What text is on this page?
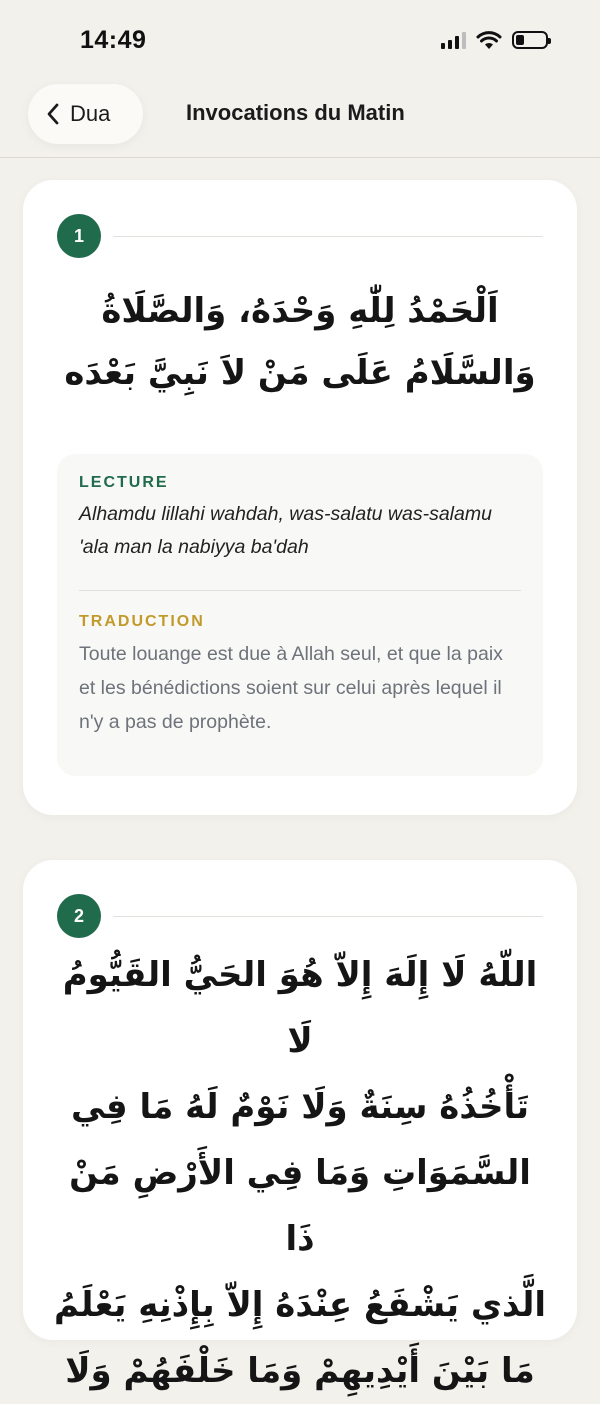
14:49
Dua	Invocations du Matin
1
اَلْحَمْدُ لِلّٰهِ وَحْدَهُ، وَالصَّلَاةُ
وَالسَّلَامُ عَلَى مَنْ لاَ نَبِيَّ بَعْدَه
LECTURE
Alhamdu lillahi wahdah, was-salatu was-salamu 'ala man la nabiyya ba'dah
TRADUCTION
Toute louange est due à Allah seul, et que la paix et les bénédictions soient sur celui après lequel il n'y a pas de prophète.
2
اللّهُ لَا إِلَهَ إِلاّ هُوَ الحَيُّ القَيُّومُ لَا
تَأْخُذُهُ سِنَةٌ وَلَا نَوْمٌ لَهُ مَا فِي
السَّمَوَاتِ وَمَا فِي الأَرْضِ مَنْ ذَا
الَّذي يَشْفَعُ عِنْدَهُ إِلاّ بِإِذْنِهِ يَعْلَمُ
مَا بَيْنَ أَيْدِيهِمْ وَمَا خَلْفَهُمْ وَلَا
